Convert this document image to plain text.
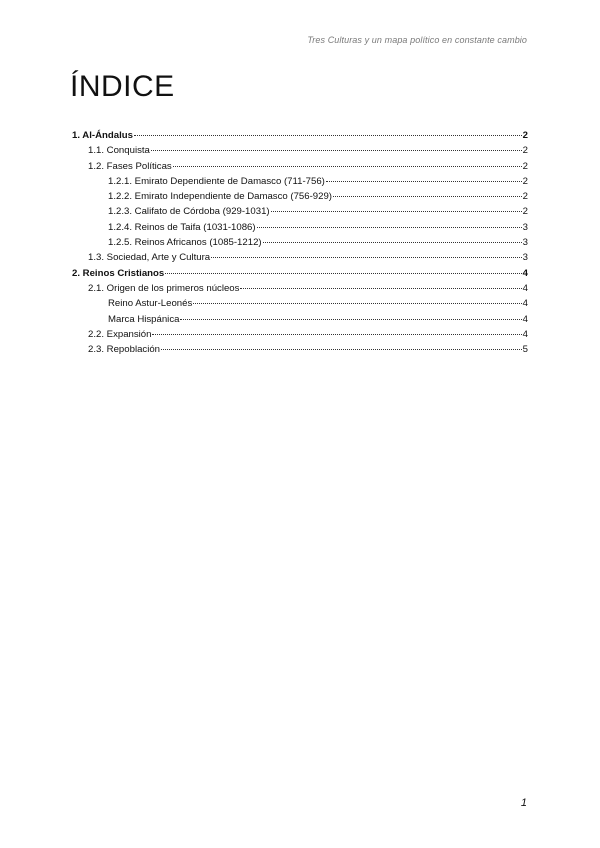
Tres Culturas y un mapa político en constante cambio
ÍNDICE
1. Al-Ándalus	2
1.1. Conquista	2
1.2. Fases Políticas	2
1.2.1. Emirato Dependiente de Damasco (711-756)	2
1.2.2. Emirato Independiente de Damasco (756-929)	2
1.2.3. Califato de Córdoba (929-1031)	2
1.2.4. Reinos de Taifa (1031-1086)	3
1.2.5. Reinos Africanos (1085-1212)	3
1.3. Sociedad, Arte y Cultura	3
2. Reinos Cristianos	4
2.1. Origen de los primeros núcleos	4
Reino Astur-Leonés	4
Marca Hispánica	4
2.2. Expansión	4
2.3. Repoblación	5
1
